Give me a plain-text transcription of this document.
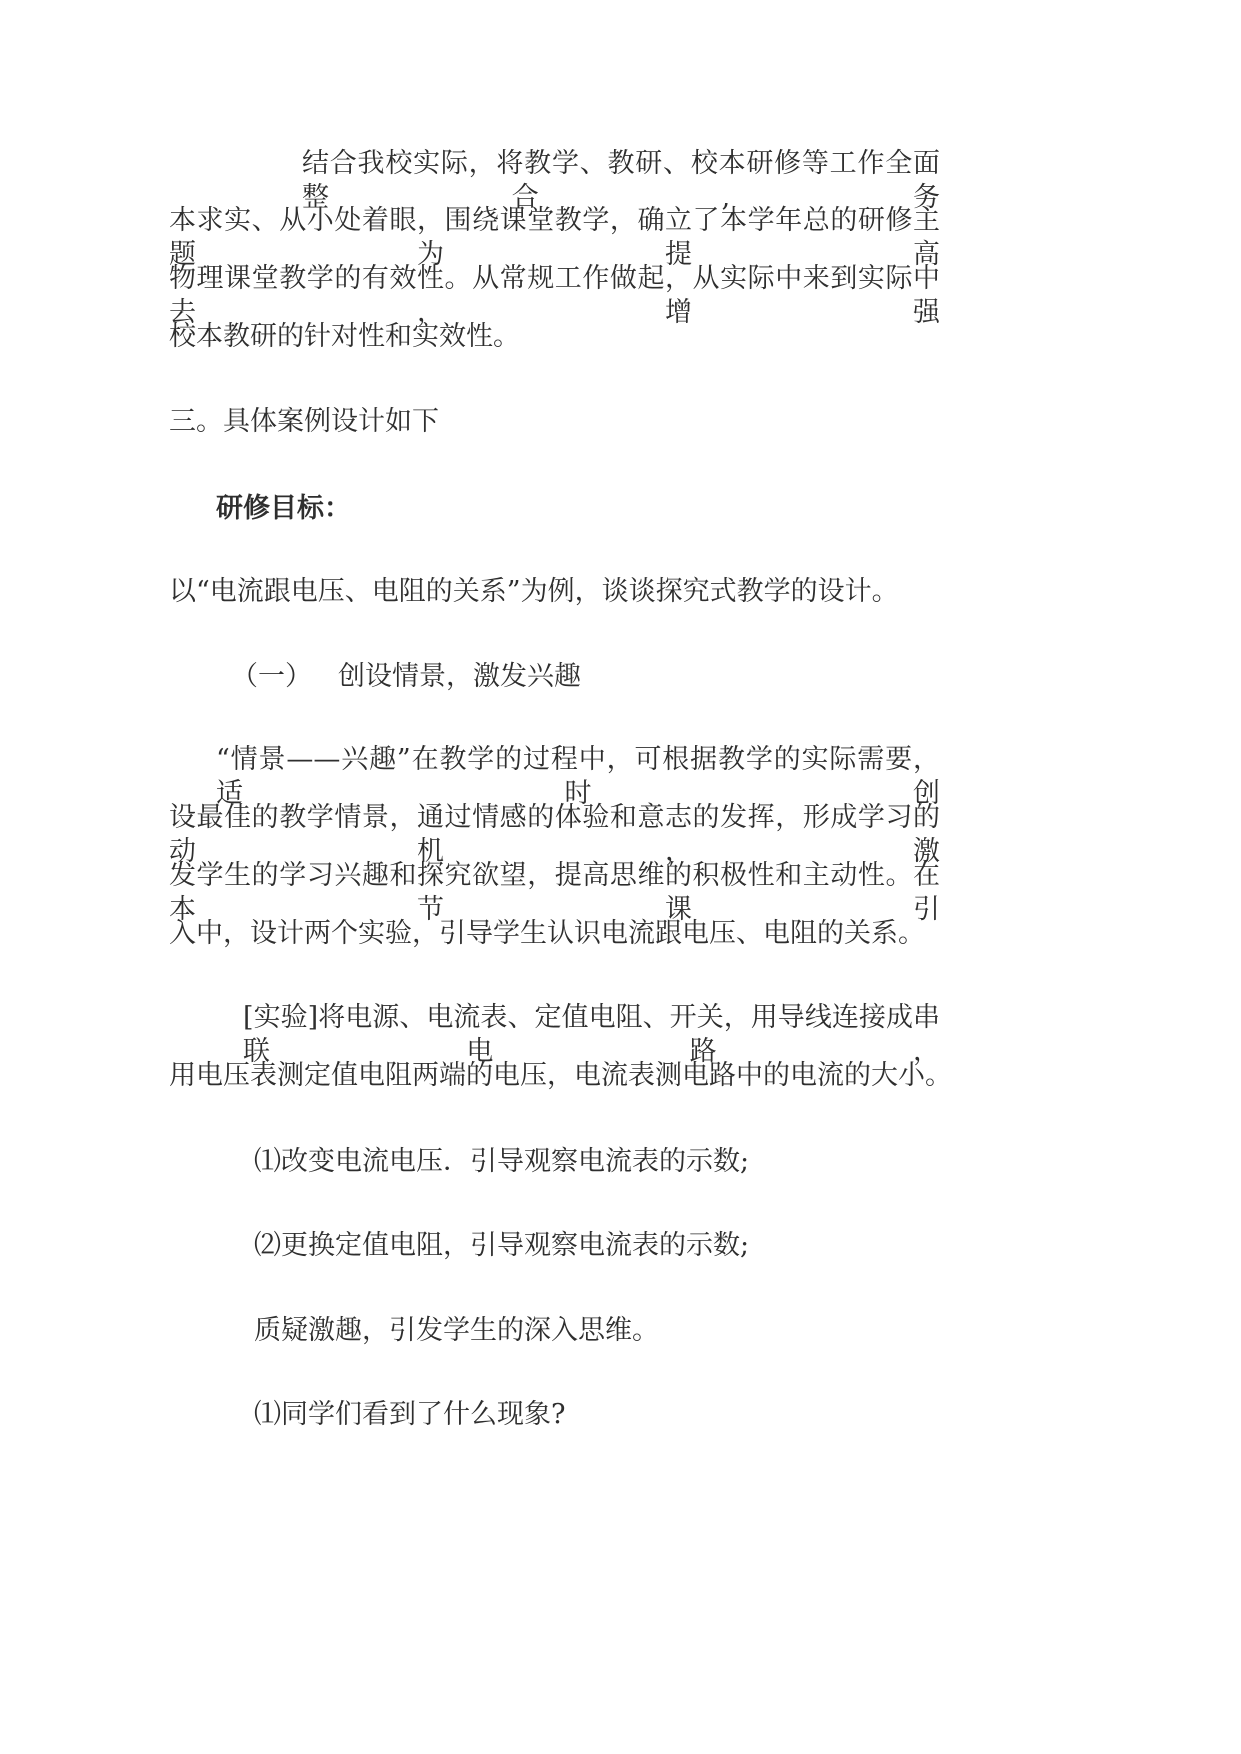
结合我校实际，将教学、教研、校本研修等工作全面整合,务
本求实、从小处着眼，围绕课堂教学，确立了本学年总的研修主题为提高
物理课堂教学的有效性。从常规工作做起，从实际中来到实际中去，增强
校本教研的针对性和实效性。
三。具体案例设计如下
研修目标：
以“电流跟电压、电阻的关系”为例，谈谈探究式教学的设计。
（一） 创设情景，激发兴趣
“情景——兴趣”在教学的过程中，可根据教学的实际需要，适时创
设最佳的教学情景，通过情感的体验和意志的发挥，形成学习的动机，激
发学生的学习兴趣和探究欲望，提高思维的积极性和主动性。在本节课引
入中，设计两个实验，引导学生认识电流跟电压、电阻的关系。
[实验]将电源、电流表、定值电阻、开关，用导线连接成串联电路，
用电压表测定值电阻两端的电压，电流表测电路中的电流的大小。
⑴改变电流电压．引导观察电流表的示数;
⑵更换定值电阻，引导观察电流表的示数;
质疑激趣，引发学生的深入思维。
⑴同学们看到了什么现象?
